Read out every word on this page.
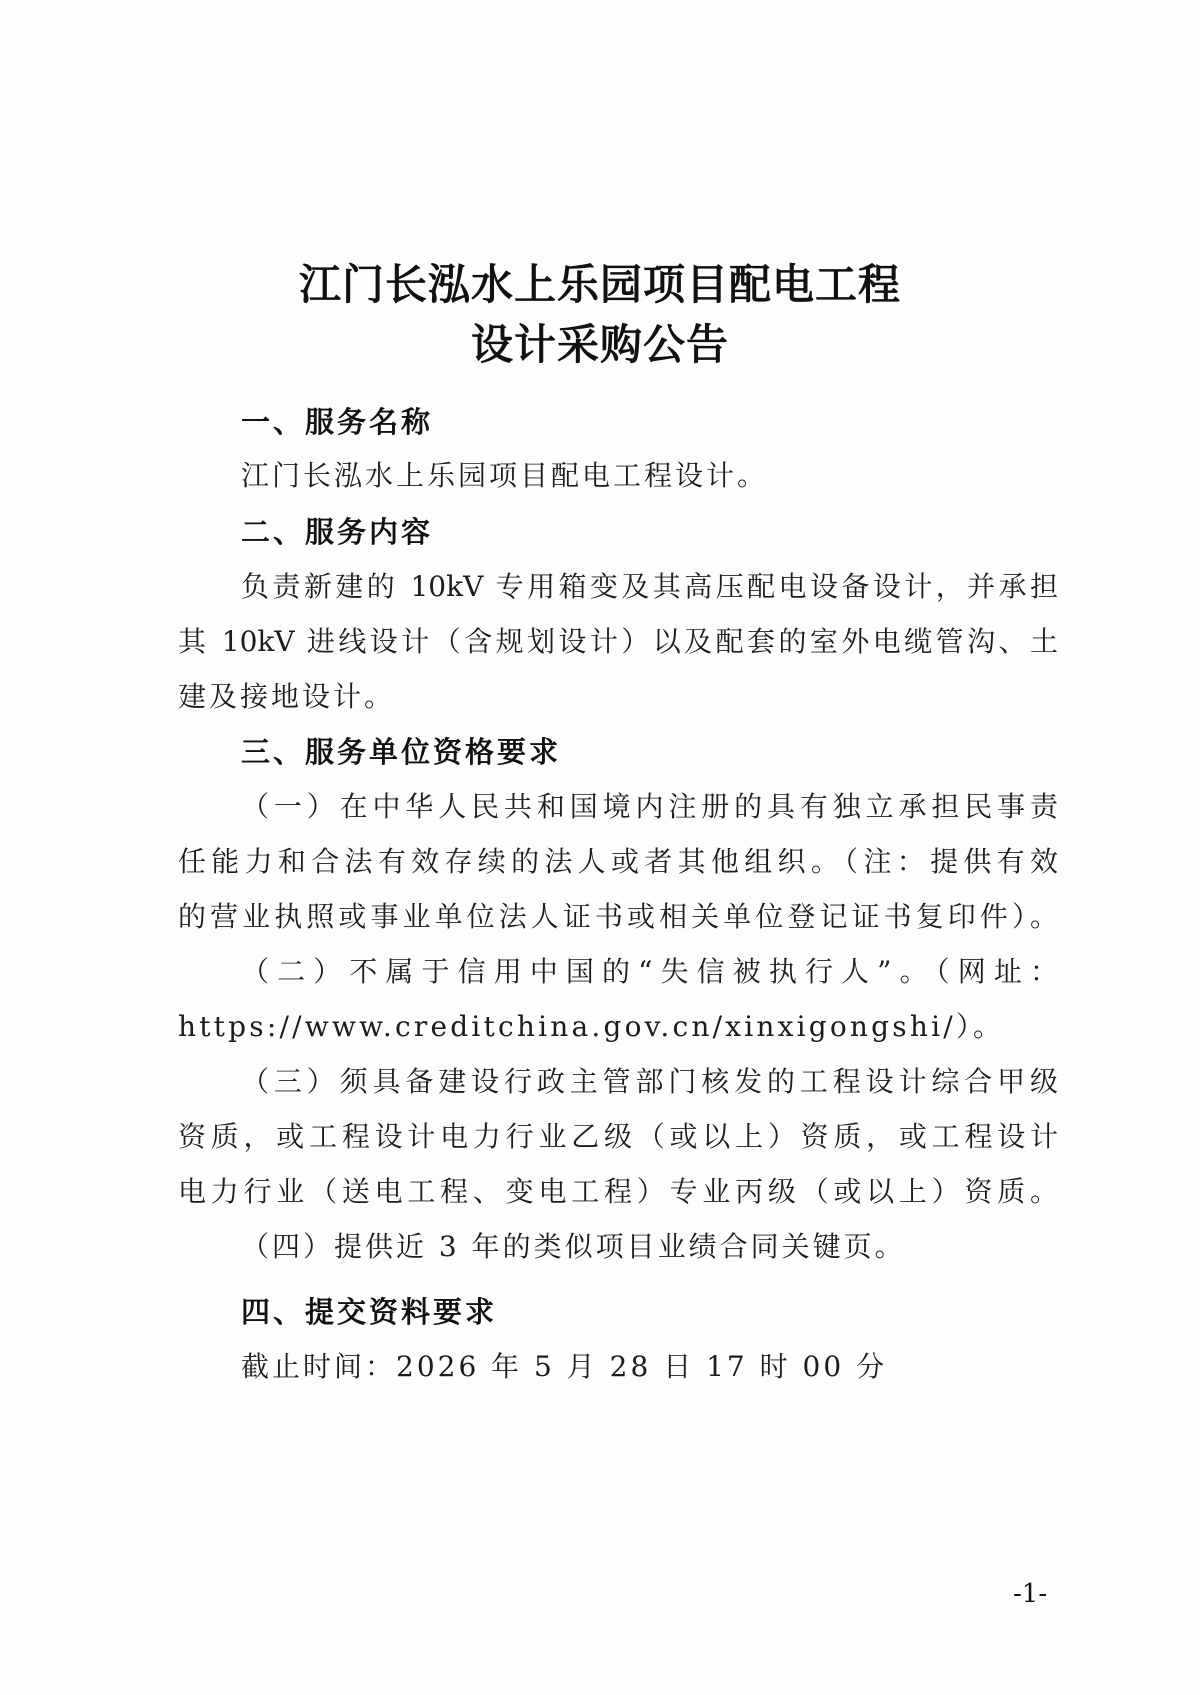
江门长泓水上乐园项目配电工程
设计采购公告
一、服务名称
江门长泓水上乐园项目配电工程设计。
二、服务内容
负责新建的 10kV 专用箱变及其高压配电设备设计，并承担
其 10kV 进线设计（含规划设计）以及配套的室外电缆管沟、土
建及接地设计。
三、服务单位资格要求
（一）在中华人民共和国境内注册的具有独立承担民事责
任能力和合法有效存续的法人或者其他组织。（注：提供有效
的营业执照或事业单位法人证书或相关单位登记证书复印件）。
（二）不属于信用中国的“失信被执行人”。（网址：
https://www.creditchina.gov.cn/xinxigongshi/）。
（三）须具备建设行政主管部门核发的工程设计综合甲级
资质，或工程设计电力行业乙级（或以上）资质，或工程设计
电力行业（送电工程、变电工程）专业丙级（或以上）资质。
（四）提供近 3 年的类似项目业绩合同关键页。
四、提交资料要求
截止时间：2026 年 5 月 28 日 17 时 00 分
-1-
